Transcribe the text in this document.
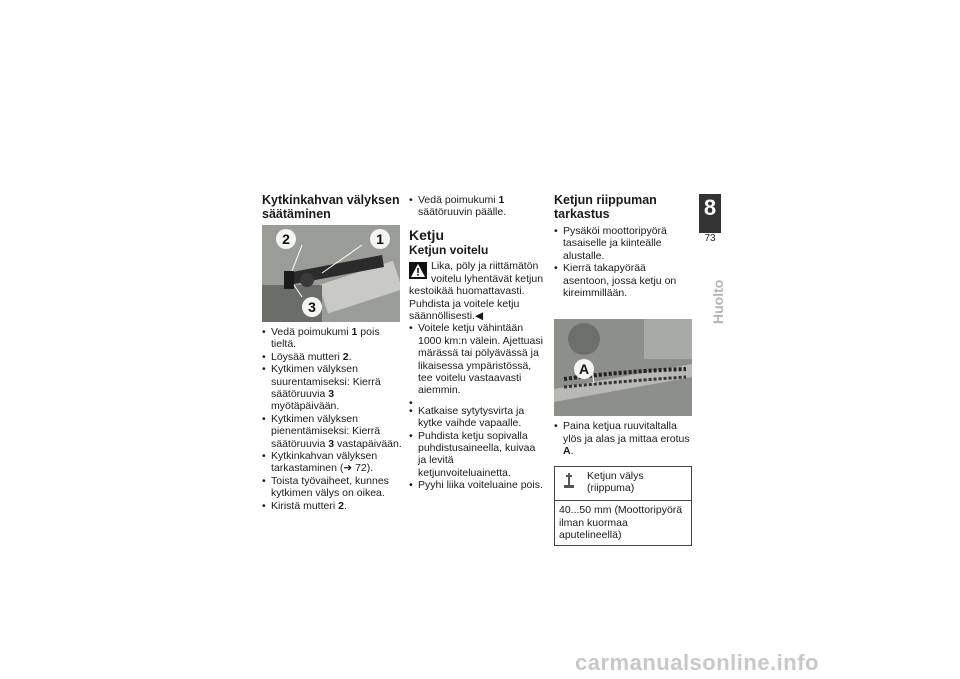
Kytkinkahvan välyksen säätäminen
2	1
3
• Vedä poimukumi 1 pois tieltä.
• Löysää mutteri 2.
• Kytkimen välyksen suurentamiseksi: Kierrä säätöruuvia 3 myötäpäivään.
• Kytkimen välyksen pienentämiseksi: Kierrä säätöruuvia 3 vastapäivään.
• Kytkinkahvan välyksen tarkastaminen (➜ 72).
• Toista työvaiheet, kunnes kytkimen välys on oikea.
• Kiristä mutteri 2.
• Vedä poimukumi 1 säätöruuvin päälle.
Ketju
Ketjun voitelu
Lika, pöly ja riittämätön voitelu lyhentävät ketjun kestoikää huomattavasti.
Puhdista ja voitele ketju säännöllisesti.◀
• Voitele ketju vähintään 1000 km:n välein. Ajettuasi märässä tai pölyävässä ja likaisessa ympäristössä, tee voitelu vastaavasti aiemmin.
•
• Katkaise sytytysvirta ja kytke vaihde vapaalle.
• Puhdista ketju sopivalla puhdistusaineella, kuivaa ja levitä ketjunvoiteluainetta.
• Pyyhi liika voiteluaine pois.
Ketjun riippuman tarkastus
• Pysäköi moottoripyörä tasaiselle ja kiinteälle alustalle.
• Kierrä takapyörää asentoon, jossa ketju on kireimmillään.
A
• Paina ketjua ruuvitaltalla ylös ja alas ja mittaa erotus A.
Ketjun välys (riippuma)
40...50 mm (Moottoripyörä ilman kuormaa aputelineellä)
8
73
Huolto
carmanualsonline.info
